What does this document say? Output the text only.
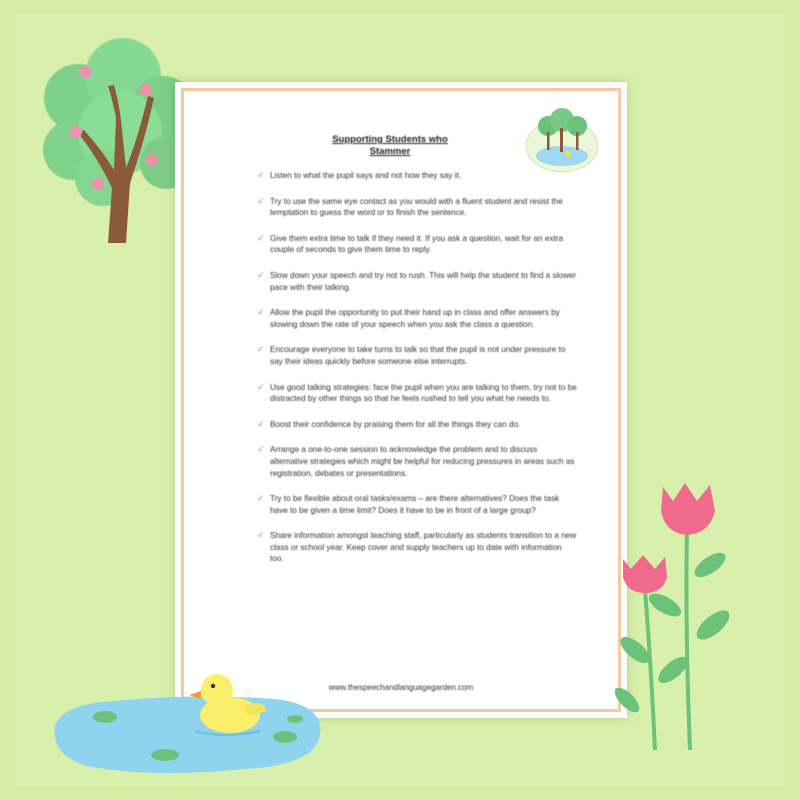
Supporting Students who
Stammer
✓ Listen to what the pupil says and not how they say it.
✓ Try to use the same eye contact as you would with a fluent student and resist the temptation to guess the word or to finish the sentence.
✓ Give them extra time to talk if they need it. If you ask a question, wait for an extra couple of seconds to give them time to reply.
✓ Slow down your speech and try not to rush. This will help the student to find a slower pace with their talking.
✓ Allow the pupil the opportunity to put their hand up in class and offer answers by slowing down the rate of your speech when you ask the class a question.
✓ Encourage everyone to take turns to talk so that the pupil is not under pressure to say their ideas quickly before someone else interrupts.
✓ Use good talking strategies: face the pupil when you are talking to them, try not to be distracted by other things so that he feels rushed to tell you what he needs to.
✓ Boost their confidence by praising them for all the things they can do.
✓ Arrange a one-to-one session to acknowledge the problem and to discuss alternative strategies which might be helpful for reducing pressures in areas such as registration, debates or presentations.
✓ Try to be flexible about oral tasks/exams – are there alternatives? Does the task have to be given a time limit? Does it have to be in front of a large group?
✓ Share information amongst teaching staff, particularly as students transition to a new class or school year. Keep cover and supply teachers up to date with information too.
www.thespeechandlanguagegarden.com
